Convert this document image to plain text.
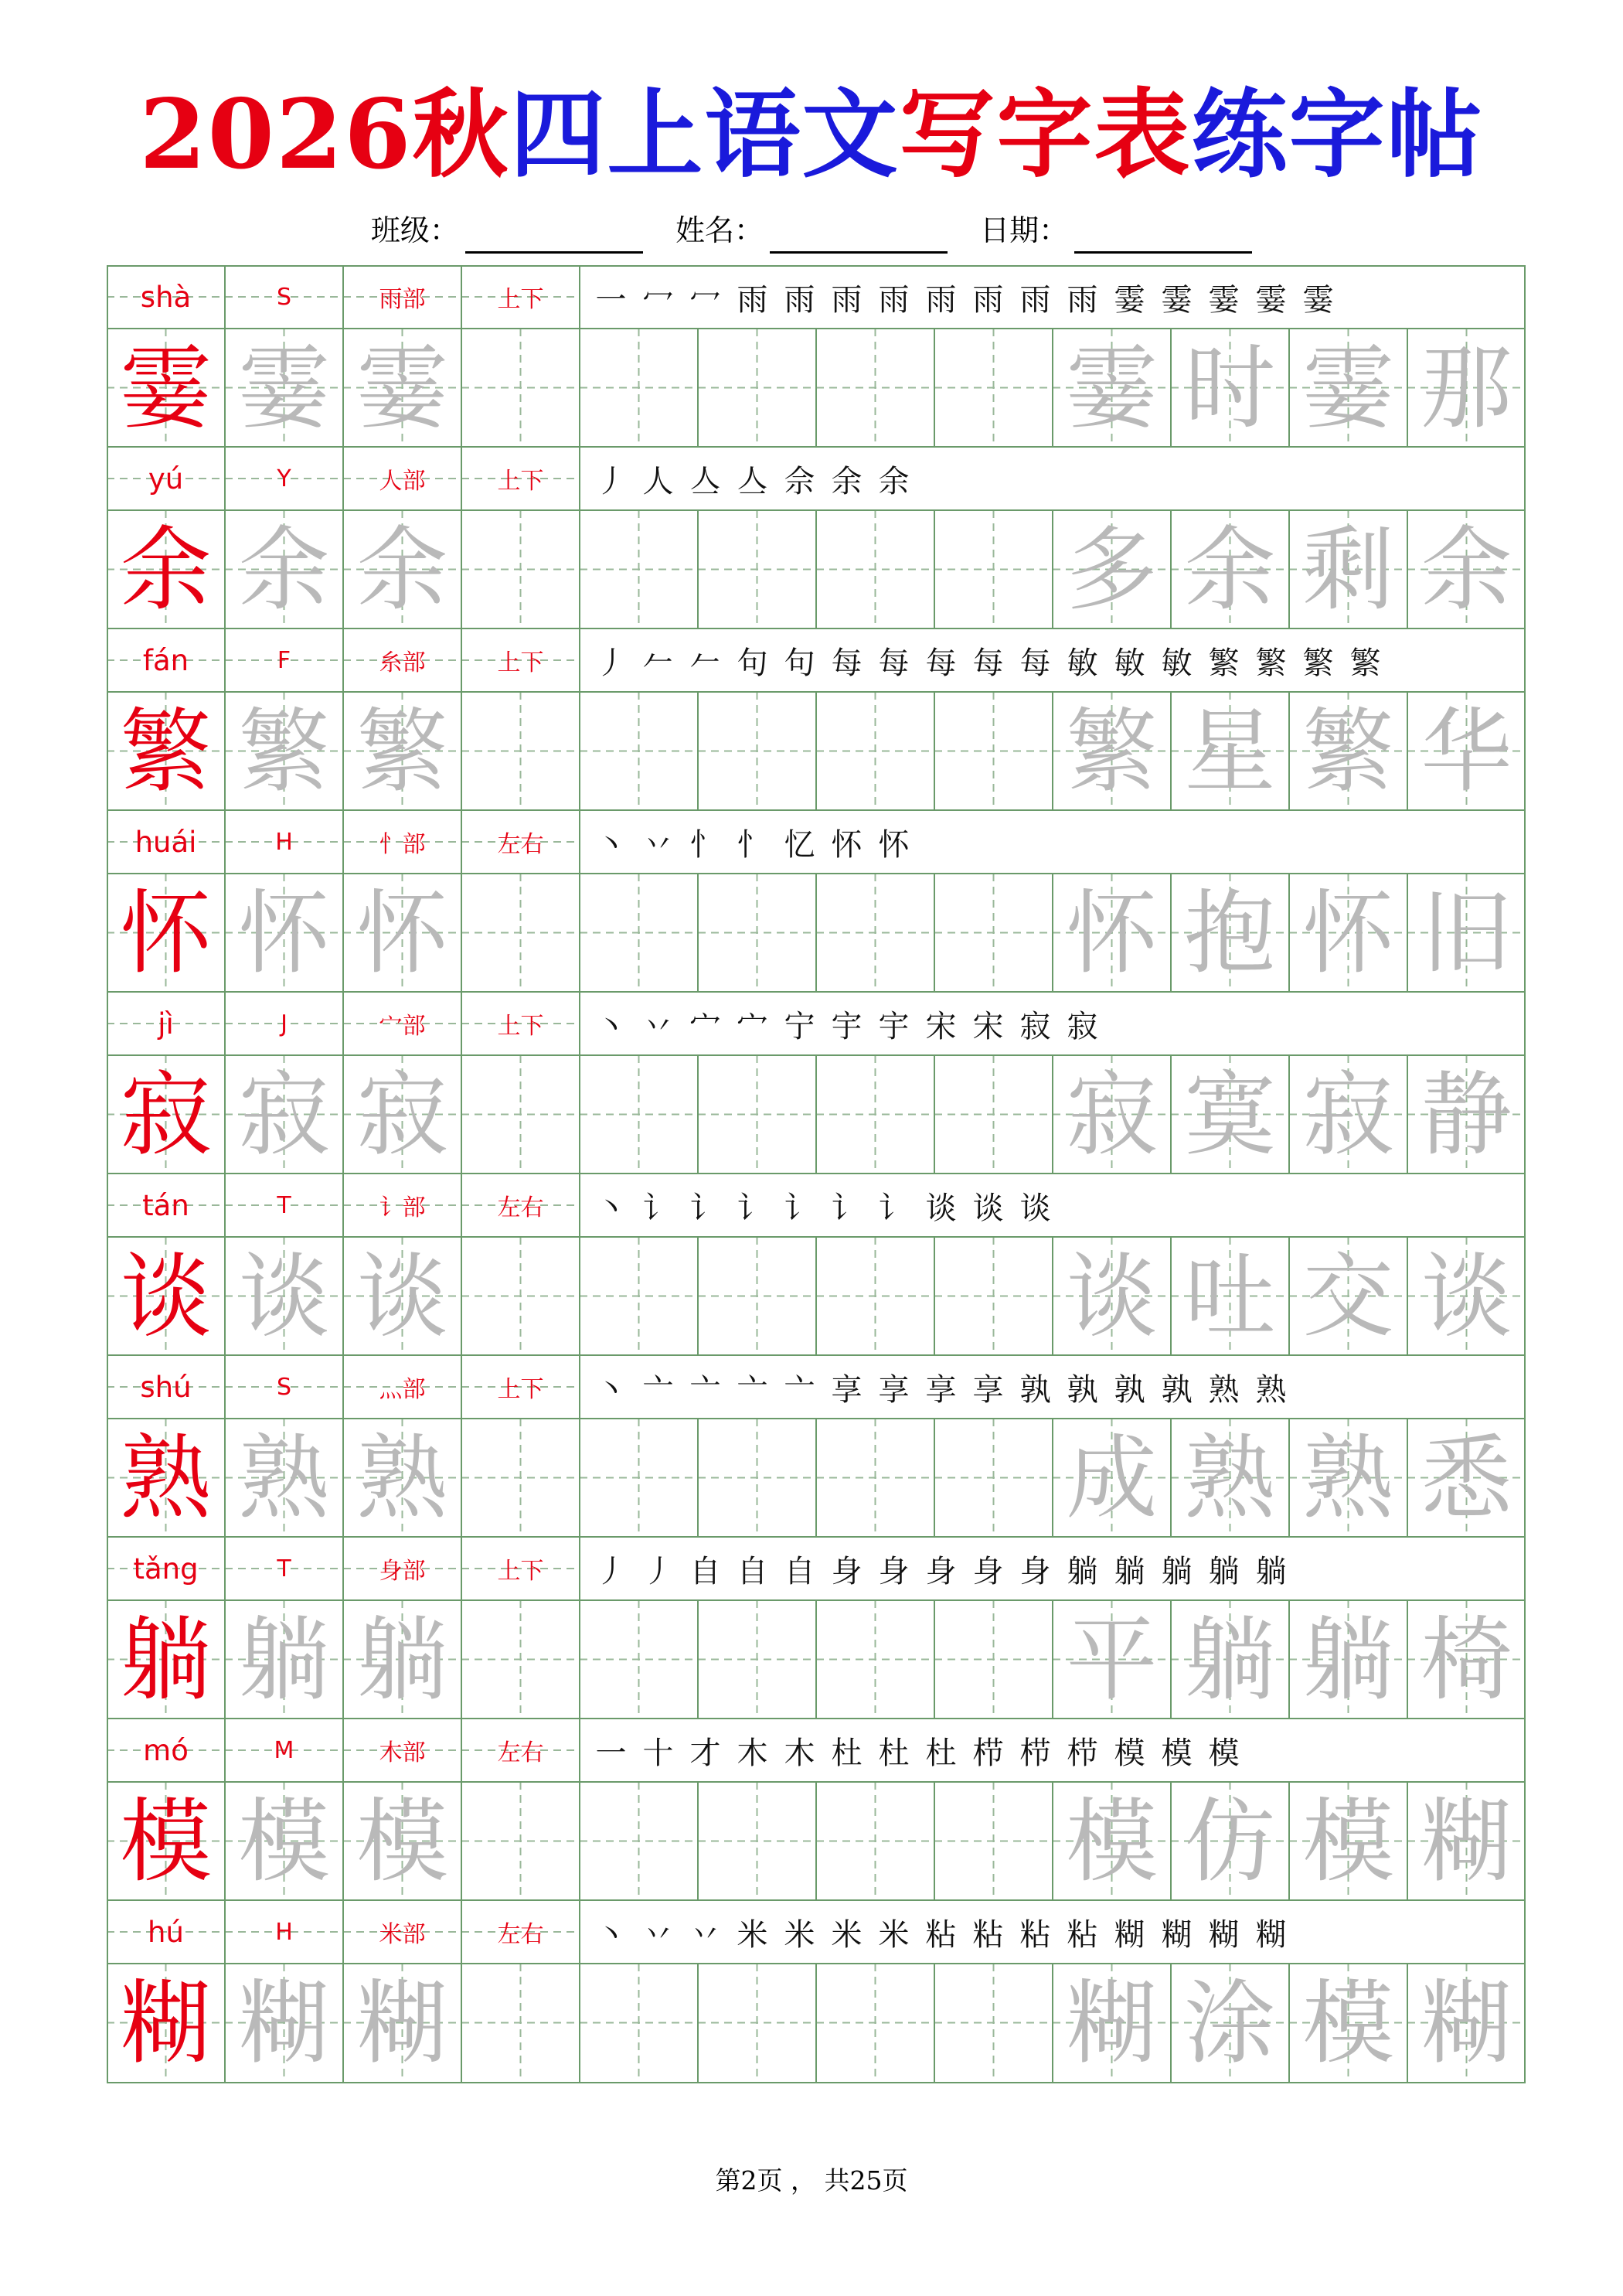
2026秋四上语文写字表练字帖
班级：	姓名：	日期：
shà	S	雨部	上下 一 冖 冖 雨 雨 雨 雨 雨 雨 雨 雨 霎 霎 霎 霎 霎
霎 霎 霎	霎 时 霎 那
yú	Y	人部	上下 丿 人 亼 亼 佘 余 余
余 余 余	多 余 剩 余
fán	F	糸部	上下 丿 𠂉 𠂉 句 句 每 每 每 每 每 敏 敏 敏 繁 繁 繁 繁
繁 繁 繁	繁 星 繁 华
huái	H	忄部	左右 丶 丷 忄 忄 忆 怀 怀
怀 怀 怀	怀 抱 怀 旧
jì	J	宀部	上下 丶 丷 宀 宀 宁 宇 宇 宋 宋 寂 寂
寂 寂 寂	寂 寞 寂 静
tán	T	讠部	左右 丶 讠 讠 讠 讠 讠 讠 谈 谈 谈
谈 谈 谈	谈 吐 交 谈
shú	S	灬部	上下 丶 亠 亠 亠 亠 享 享 享 享 孰 孰 孰 孰 熟 熟
熟 熟 熟	成 熟 熟 悉
tǎng	T	身部	上下 丿 丿 自 自 自 身 身 身 身 身 躺 躺 躺 躺 躺
躺 躺 躺	平 躺 躺 椅
mó	M	木部	左右 一 十 才 木 木 杜 杜 杜 栉 栉 栉 模 模 模
模 模 模	模 仿 模 糊
hú	H	米部	左右 丶 丷 丷 米 米 米 米 粘 粘 粘 粘 糊 糊 糊 糊
糊 糊 糊	糊 涂 模 糊
第2页 ， 共25页
